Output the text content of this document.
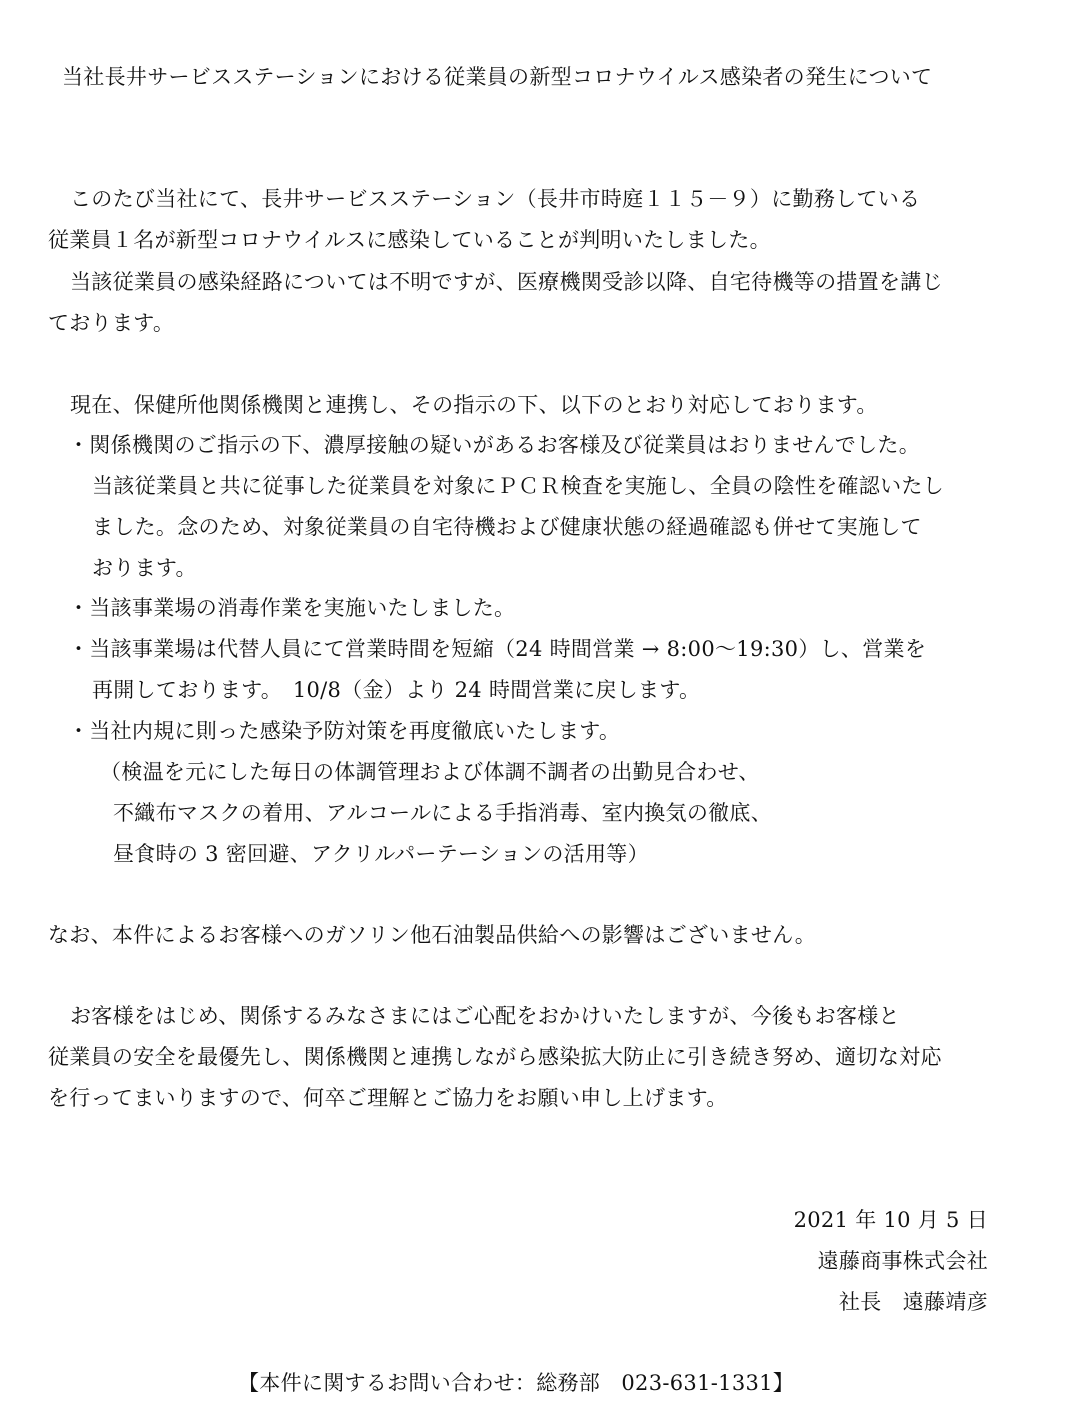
当社長井サービスステーションにおける従業員の新型コロナウイルス感染者の発生について
このたび当社にて、長井サービスステーション（長井市時庭１１５－９）に勤務している
従業員１名が新型コロナウイルスに感染していることが判明いたしました。
当該従業員の感染経路については不明ですが、医療機関受診以降、自宅待機等の措置を講じ
ております。
現在、保健所他関係機関と連携し、その指示の下、以下のとおり対応しております。
・関係機関のご指示の下、濃厚接触の疑いがあるお客様及び従業員はおりませんでした。
当該従業員と共に従事した従業員を対象にＰＣＲ検査を実施し、全員の陰性を確認いたし
ました。念のため、対象従業員の自宅待機および健康状態の経過確認も併せて実施して
おります。
・当該事業場の消毒作業を実施いたしました。
・当該事業場は代替人員にて営業時間を短縮（24 時間営業 → 8:00～19:30）し、営業を
再開しております。　10/8（金）より 24 時間営業に戻します。
・当社内規に則った感染予防対策を再度徹底いたします。
（検温を元にした毎日の体調管理および体調不調者の出勤見合わせ、
不織布マスクの着用、アルコールによる手指消毒、室内換気の徹底、
昼食時の 3 密回避、アクリルパーテーションの活用等）
なお、本件によるお客様へのガソリン他石油製品供給への影響はございません。
お客様をはじめ、関係するみなさまにはご心配をおかけいたしますが、今後もお客様と
従業員の安全を最優先し、関係機関と連携しながら感染拡大防止に引き続き努め、適切な対応
を行ってまいりますので、何卒ご理解とご協力をお願い申し上げます。
2021 年 10 月 5 日
遠藤商事株式会社
社長　遠藤靖彦
【本件に関するお問い合わせ：総務部　023-631-1331】
